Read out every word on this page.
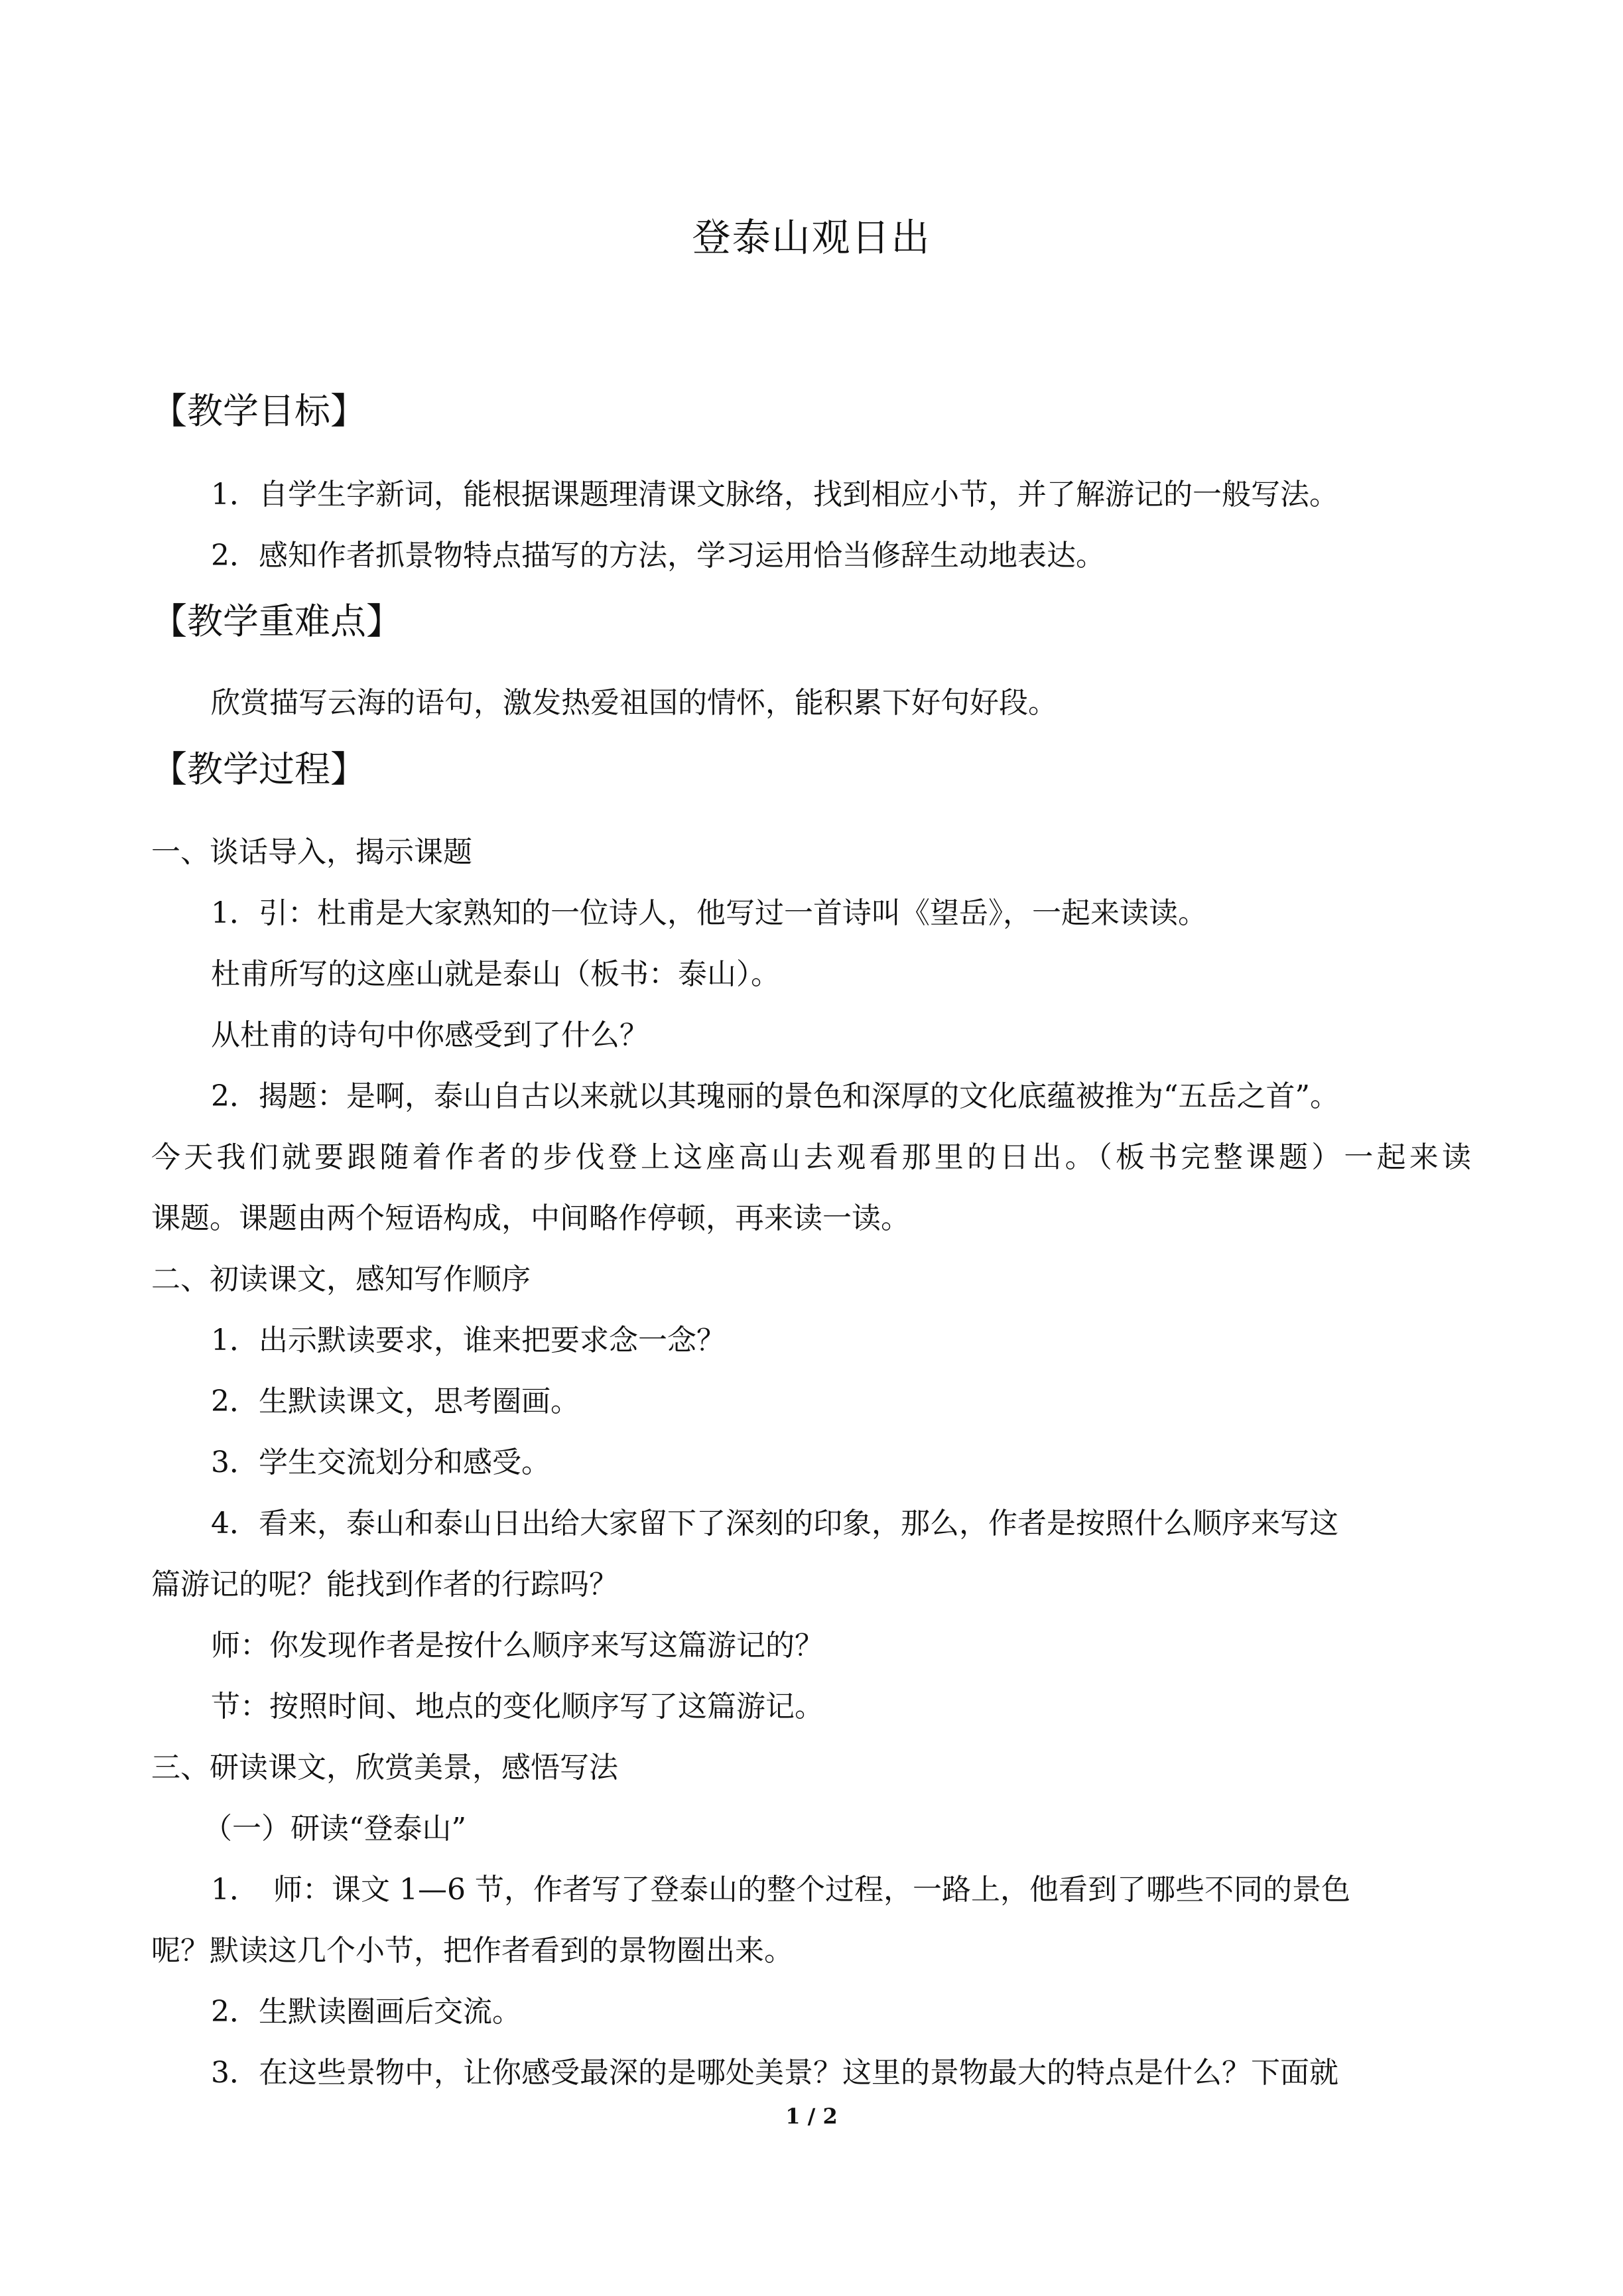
登泰山观日出
【教学目标】
1．自学生字新词，能根据课题理清课文脉络，找到相应小节，并了解游记的一般写法。
2．感知作者抓景物特点描写的方法，学习运用恰当修辞生动地表达。
【教学重难点】
欣赏描写云海的语句，激发热爱祖国的情怀，能积累下好句好段。
【教学过程】
一、谈话导入，揭示课题
1．引：杜甫是大家熟知的一位诗人，他写过一首诗叫《望岳》，一起来读读。
杜甫所写的这座山就是泰山（板书：泰山）。
从杜甫的诗句中你感受到了什么？
2．揭题：是啊，泰山自古以来就以其瑰丽的景色和深厚的文化底蕴被推为“五岳之首”。
今天我们就要跟随着作者的步伐登上这座高山去观看那里的日出。（板书完整课题）一起来读
课题。课题由两个短语构成，中间略作停顿，再来读一读。
二、初读课文，感知写作顺序
1．出示默读要求，谁来把要求念一念？
2．生默读课文，思考圈画。
3．学生交流划分和感受。
4．看来，泰山和泰山日出给大家留下了深刻的印象，那么，作者是按照什么顺序来写这
篇游记的呢？能找到作者的行踪吗？
师：你发现作者是按什么顺序来写这篇游记的？
节：按照时间、地点的变化顺序写了这篇游记。
三、研读课文，欣赏美景，感悟写法
（一）研读“登泰山”
1．　师：课文 1—6 节，作者写了登泰山的整个过程，一路上，他看到了哪些不同的景色
呢？默读这几个小节，把作者看到的景物圈出来。
2．生默读圈画后交流。
3．在这些景物中，让你感受最深的是哪处美景？这里的景物最大的特点是什么？下面就
1 / 2
